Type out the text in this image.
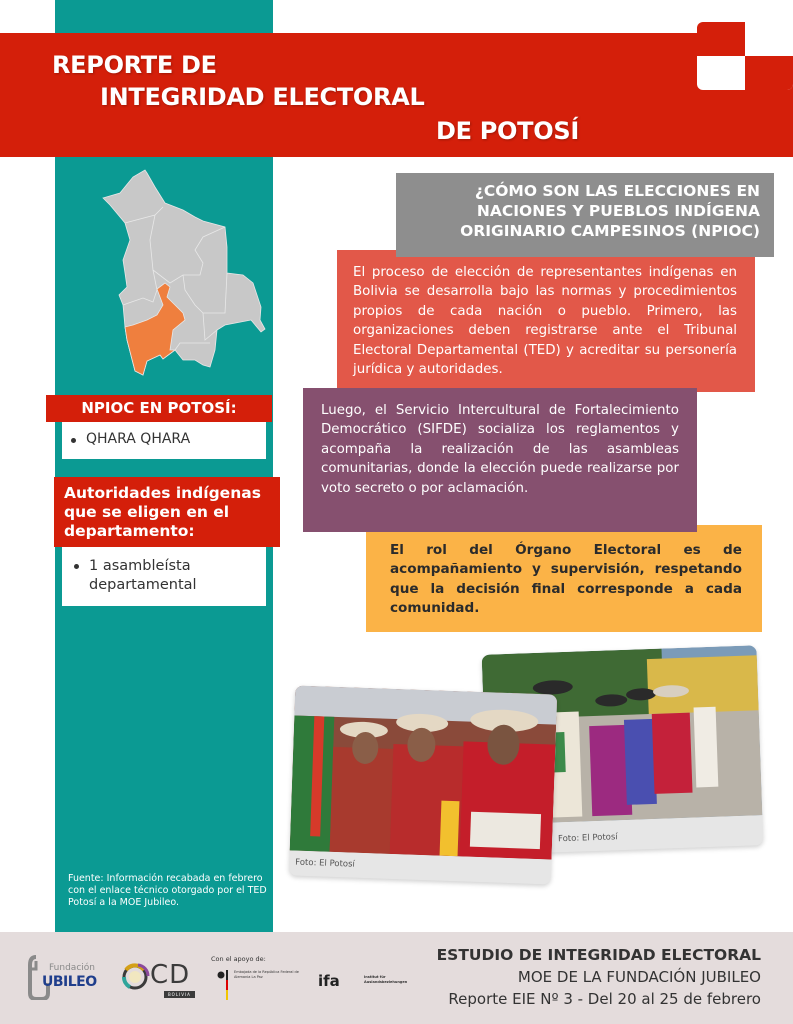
REPORTE DE
INTEGRIDAD ELECTORAL
DE POTOSÍ
NPIOC EN POTOSÍ:
QHARA QHARA
Autoridades indígenas que se eligen en el departamento:
1 asambleísta departamental
Fuente: Información recabada en febrero con el enlace técnico otorgado por el TED Potosí a la MOE Jubileo.

El proceso de elección de representantes indígenas en Bolivia se desarrolla bajo las normas y procedimientos propios de cada nación o pueblo. Primero, las organizaciones deben registrarse ante el Tribunal Electoral Departamental (TED) y acreditar su personería jurídica y autoridades.

¿CÓMO SON LAS ELECCIONES EN
NACIONES Y PUEBLOS INDÍGENA
ORIGINARIO CAMPESINOS (NPIOC)

El rol del Órgano Electoral es de acompañamiento y supervisión, respetando que la decisión final corresponde a cada comunidad.

Luego, el Servicio Intercultural de Fortalecimiento Democrático (SIFDE) socializa los reglamentos y acompaña la realización de las asambleas comunitarias, donde la elección puede realizarse por voto secreto o por aclamación.

Foto: El Potosí
Foto: El Potosí
Fundación
UBILEO CD
BOLIVIA
Con el apoyo de:
Embajada de la República Federal de Alemania La Paz	ifa	Institut für Auslandsbeziehungen
ESTUDIO DE INTEGRIDAD ELECTORAL
MOE DE LA FUNDACIÓN JUBILEO
Reporte EIE Nº 3 - Del 20 al 25 de febrero
